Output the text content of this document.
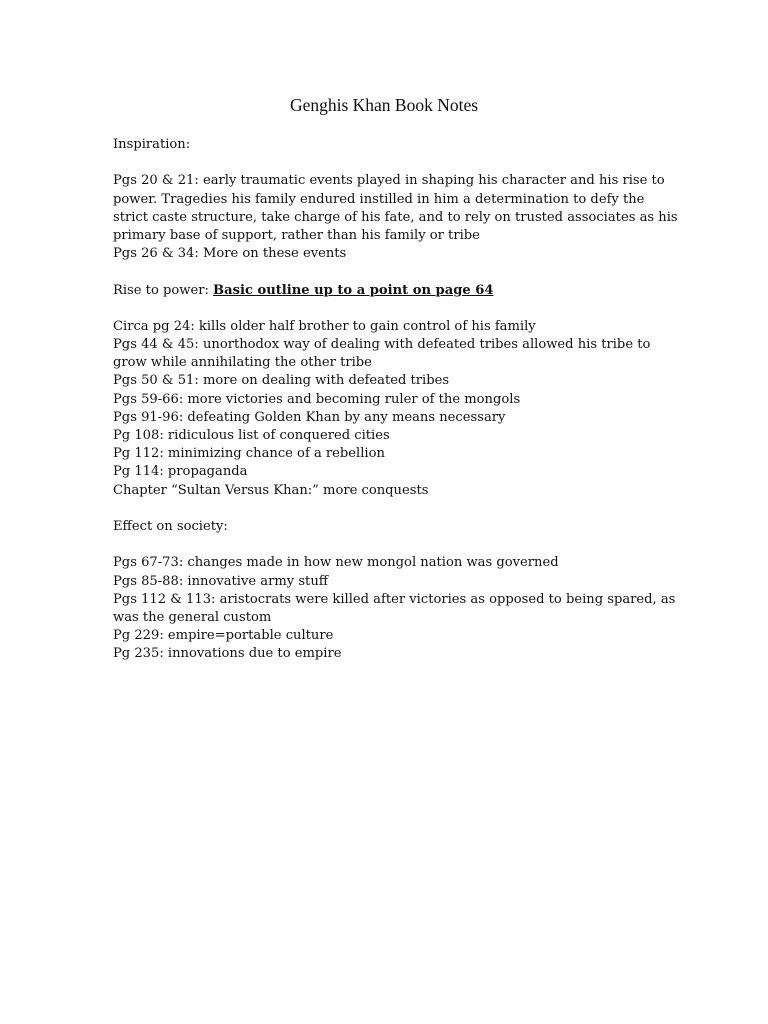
Genghis Khan Book Notes
Inspiration:
Pgs 20 & 21: early traumatic events played in shaping his character and his rise to
power. Tragedies his family endured instilled in him a determination to defy the
strict caste structure, take charge of his fate, and to rely on trusted associates as his
primary base of support, rather than his family or tribe
Pgs 26 & 34: More on these events
Rise to power: Basic outline up to a point on page 64
Circa pg 24: kills older half brother to gain control of his family
Pgs 44 & 45: unorthodox way of dealing with defeated tribes allowed his tribe to
grow while annihilating the other tribe
Pgs 50 & 51: more on dealing with defeated tribes
Pgs 59-66: more victories and becoming ruler of the mongols
Pgs 91-96: defeating Golden Khan by any means necessary
Pg 108: ridiculous list of conquered cities
Pg 112: minimizing chance of a rebellion
Pg 114: propaganda
Chapter “Sultan Versus Khan:” more conquests
Effect on society:
Pgs 67-73: changes made in how new mongol nation was governed
Pgs 85-88: innovative army stuff
Pgs 112 & 113: aristocrats were killed after victories as opposed to being spared, as
was the general custom
Pg 229: empire=portable culture
Pg 235: innovations due to empire
